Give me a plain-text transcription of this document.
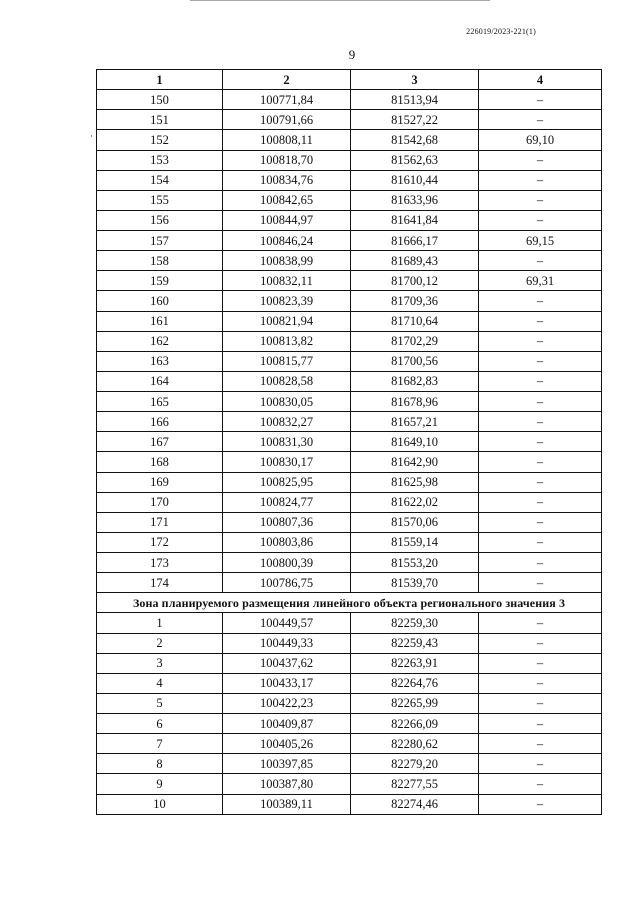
226019/2023-221(1)
9
·
1	2	3	4
150	100771,84	81513,94	–
151	100791,66	81527,22	–
152	100808,11	81542,68	69,10
153	100818,70	81562,63	–
154	100834,76	81610,44	–
155	100842,65	81633,96	–
156	100844,97	81641,84	–
157	100846,24	81666,17	69,15
158	100838,99	81689,43	–
159	100832,11	81700,12	69,31
160	100823,39	81709,36	–
161	100821,94	81710,64	–
162	100813,82	81702,29	–
163	100815,77	81700,56	–
164	100828,58	81682,83	–
165	100830,05	81678,96	–
166	100832,27	81657,21	–
167	100831,30	81649,10	–
168	100830,17	81642,90	–
169	100825,95	81625,98	–
170	100824,77	81622,02	–
171	100807,36	81570,06	–
172	100803,86	81559,14	–
173	100800,39	81553,20	–
174	100786,75	81539,70	–
Зона планируемого размещения линейного объекта регионального значения 3			
1	100449,57	82259,30	–
2	100449,33	82259,43	–
3	100437,62	82263,91	–
4	100433,17	82264,76	–
5	100422,23	82265,99	–
6	100409,87	82266,09	–
7	100405,26	82280,62	–
8	100397,85	82279,20	–
9	100387,80	82277,55	–
10	100389,11	82274,46	–
